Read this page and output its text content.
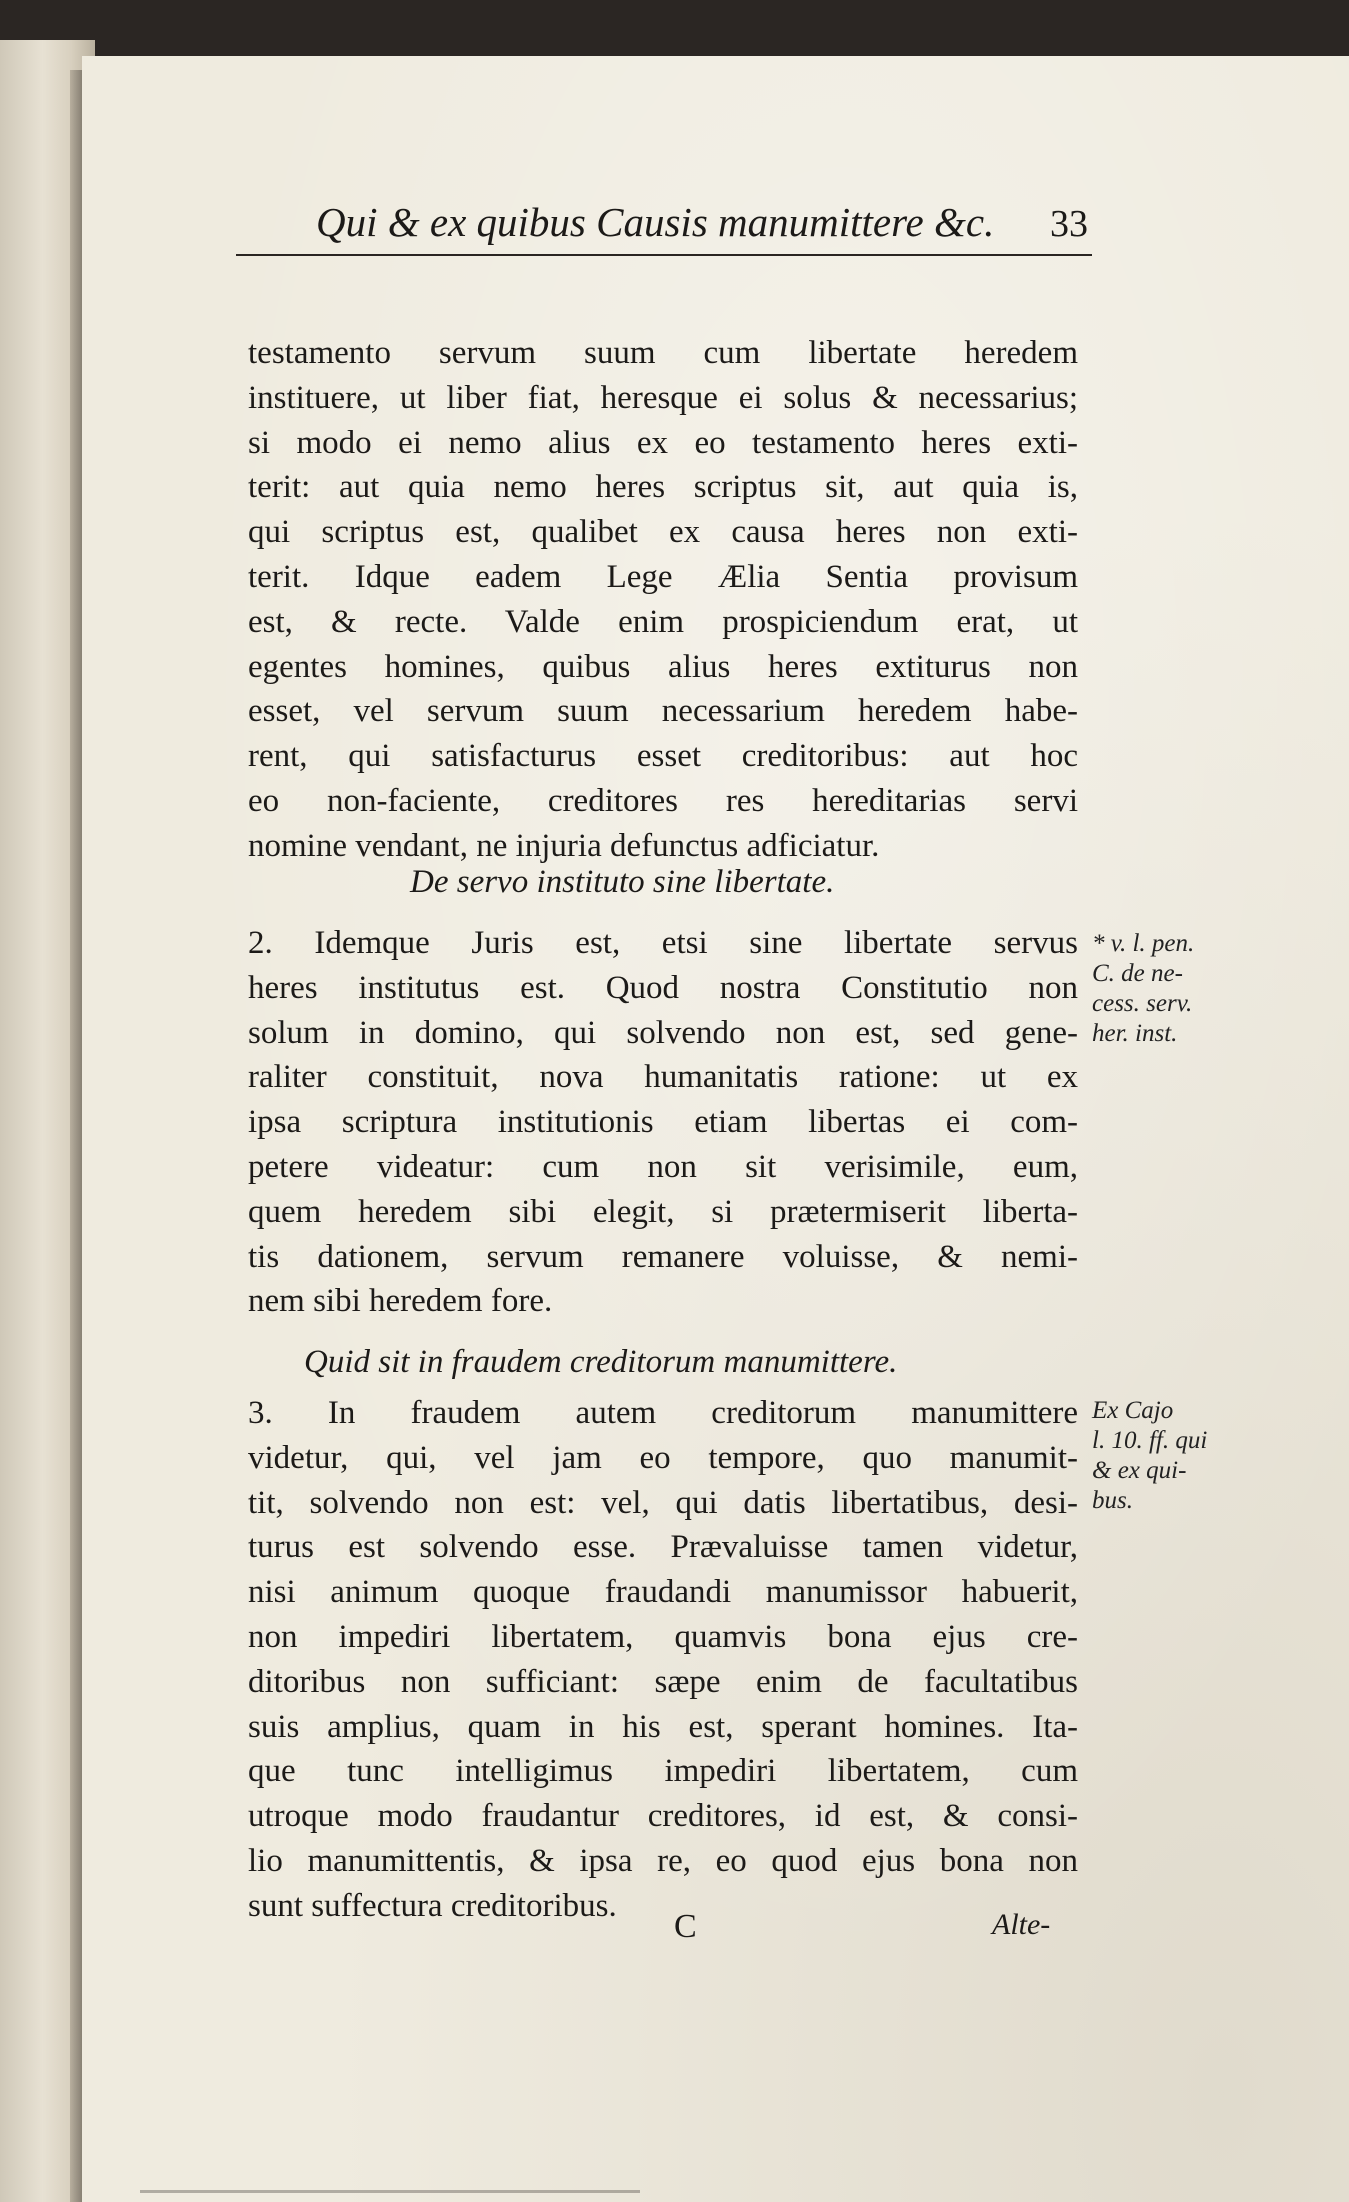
Qui & ex quibus Causis manumittere &c. 33
testamento servum suum cum libertate heredem
instituere, ut liber fiat, heresque ei solus & necessarius;
si modo ei nemo alius ex eo testamento heres exti-
terit: aut quia nemo heres scriptus sit, aut quia is,
qui scriptus est, qualibet ex causa heres non exti-
terit. Idque eadem Lege Ælia Sentia provisum
est, & recte. Valde enim prospiciendum erat, ut
egentes homines, quibus alius heres extiturus non
esset, vel servum suum necessarium heredem habe-
rent, qui satisfacturus esset creditoribus: aut hoc
eo non-faciente, creditores res hereditarias servi
nomine vendant, ne injuria defunctus adficiatur.
De servo instituto sine libertate.
2. Idemque Juris est, etsi sine libertate servus
heres institutus est. Quod nostra Constitutio non
solum in domino, qui solvendo non est, sed gene-
raliter constituit, nova humanitatis ratione: ut ex
ipsa scriptura institutionis etiam libertas ei com-
petere videatur: cum non sit verisimile, eum,
quem heredem sibi elegit, si prætermiserit liberta-
tis dationem, servum remanere voluisse, & nemi-
nem sibi heredem fore.
* v. l. pen.
C. de ne-
cess. serv.
her. inst.
Quid sit in fraudem creditorum manumittere.
3. In fraudem autem creditorum manumittere
videtur, qui, vel jam eo tempore, quo manumit-
tit, solvendo non est: vel, qui datis libertatibus, desi-
turus est solvendo esse. Prævaluisse tamen videtur,
nisi animum quoque fraudandi manumissor habuerit,
non impediri libertatem, quamvis bona ejus cre-
ditoribus non sufficiant: sæpe enim de facultatibus
suis amplius, quam in his est, sperant homines. Ita-
que tunc intelligimus impediri libertatem, cum
utroque modo fraudantur creditores, id est, & consi-
lio manumittentis, & ipsa re, eo quod ejus bona non
sunt suffectura creditoribus.
Ex Cajo
l. 10. ff. qui
& ex qui-
bus.
C	Alte-
